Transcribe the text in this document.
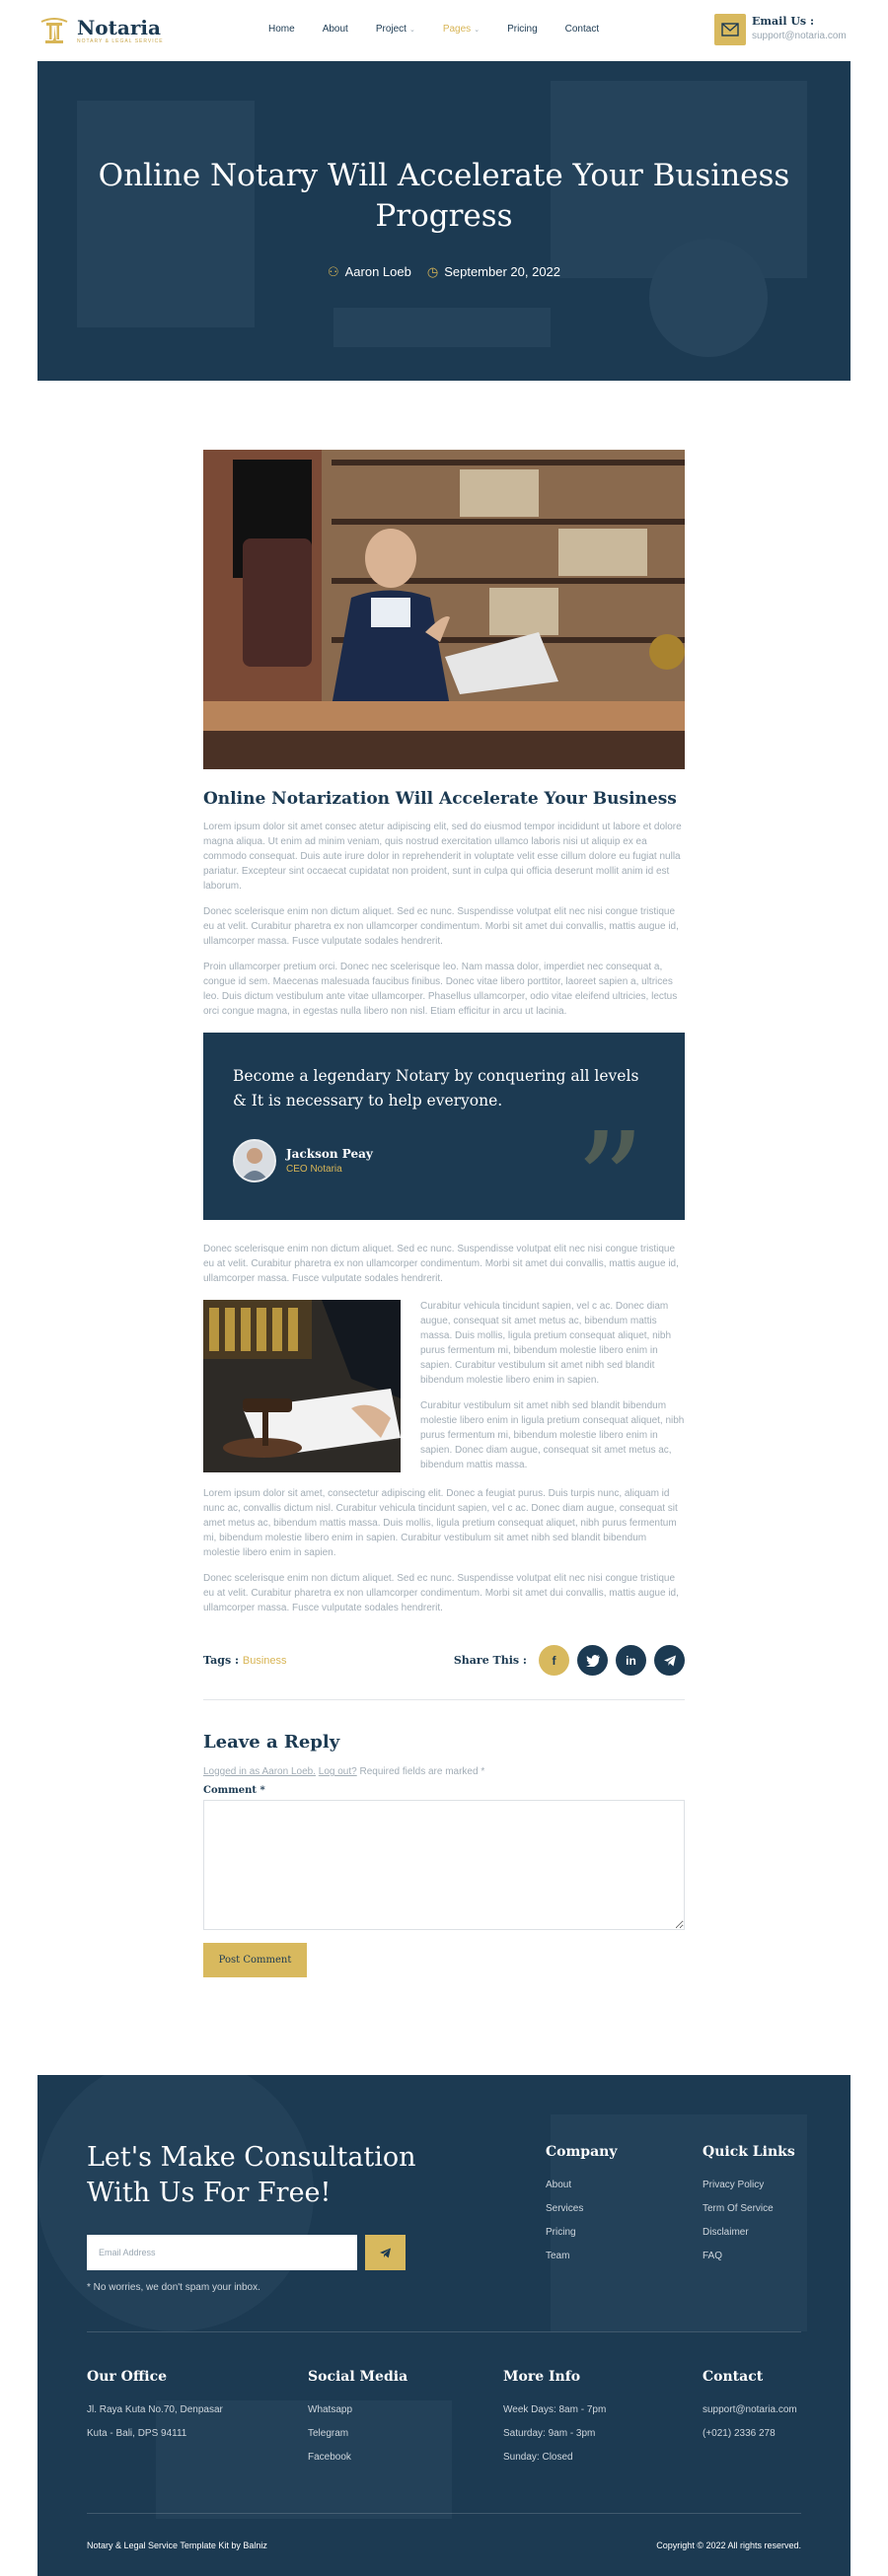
Notaria
NOTARY & LEGAL SERVICE
Home	About	Project ⌄	Pages ⌄	Pricing	Contact
Email Us :
support@notaria.com
Online Notary Will Accelerate Your Business Progress
⚇ Aaron Loeb ◷ September 20, 2022
Online Notarization Will Accelerate Your Business

Lorem ipsum dolor sit amet consec atetur adipiscing elit, sed do eiusmod tempor incididunt ut labore et dolore magna aliqua. Ut enim ad minim veniam, quis nostrud exercitation ullamco laboris nisi ut aliquip ex ea commodo consequat. Duis aute irure dolor in reprehenderit in voluptate velit esse cillum dolore eu fugiat nulla pariatur. Excepteur sint occaecat cupidatat non proident, sunt in culpa qui officia deserunt mollit anim id est laborum.

Donec scelerisque enim non dictum aliquet. Sed ec nunc. Suspendisse volutpat elit nec nisi congue tristique eu at velit. Curabitur pharetra ex non ullamcorper condimentum. Morbi sit amet dui convallis, mattis augue id, ullamcorper massa. Fusce vulputate sodales hendrerit.

Proin ullamcorper pretium orci. Donec nec scelerisque leo. Nam massa dolor, imperdiet nec consequat a, congue id sem. Maecenas malesuada faucibus finibus. Donec vitae libero porttitor, laoreet sapien a, ultrices leo. Duis dictum vestibulum ante vitae ullamcorper. Phasellus ullamcorper, odio vitae eleifend ultricies, lectus orci congue magna, in egestas nulla libero non nisl. Etiam efficitur in arcu ut lacinia.

Become a legendary Notary by conquering all levels & It is necessary to help everyone.
Jackson Peay
CEO Notaria ”

Donec scelerisque enim non dictum aliquet. Sed ec nunc. Suspendisse volutpat elit nec nisi congue tristique eu at velit. Curabitur pharetra ex non ullamcorper condimentum. Morbi sit amet dui convallis, mattis augue id, ullamcorper massa. Fusce vulputate sodales hendrerit.

Curabitur vehicula tincidunt sapien, vel c ac. Donec diam augue, consequat sit amet metus ac, bibendum mattis massa. Duis mollis, ligula pretium consequat aliquet, nibh purus fermentum mi, bibendum molestie libero enim in sapien. Curabitur vestibulum sit amet nibh sed blandit bibendum molestie libero enim in sapien.

Curabitur vestibulum sit amet nibh sed blandit bibendum molestie libero enim in ligula pretium consequat aliquet, nibh purus fermentum mi, bibendum molestie libero enim in sapien. Donec diam augue, consequat sit amet metus ac, bibendum mattis massa.

Lorem ipsum dolor sit amet, consectetur adipiscing elit. Donec a feugiat purus. Duis turpis nunc, aliquam id nunc ac, convallis dictum nisl. Curabitur vehicula tincidunt sapien, vel c ac. Donec diam augue, consequat sit amet metus ac, bibendum mattis massa. Duis mollis, ligula pretium consequat aliquet, nibh purus fermentum mi, bibendum molestie libero enim in sapien. Curabitur vestibulum sit amet nibh sed blandit bibendum molestie libero enim in sapien.

Donec scelerisque enim non dictum aliquet. Sed ec nunc. Suspendisse volutpat elit nec nisi congue tristique eu at velit. Curabitur pharetra ex non ullamcorper condimentum. Morbi sit amet dui convallis, mattis augue id, ullamcorper massa. Fusce vulputate sodales hendrerit.

Tags : Business	Share This :	f	in
Leave a Reply

Logged in as Aaron Loeb. Log out? Required fields are marked *

Comment *
Post Comment
Let's Make Consultation With Us For Free!
Email Address
* No worries, we don't spam your inbox.
Company
About
Services
Pricing
Team
Quick Links
Privacy Policy
Term Of Service
Disclaimer
FAQ
Our Office
Jl. Raya Kuta No.70, Denpasar
Kuta - Bali, DPS 94111
Social Media
Whatsapp
Telegram
Facebook
More Info
Week Days: 8am - 7pm
Saturday: 9am - 3pm
Sunday: Closed
Contact
support@notaria.com
(+021) 2336 278
Notary & Legal Service Template Kit by Balniz	Copyright © 2022 All rights reserved.
